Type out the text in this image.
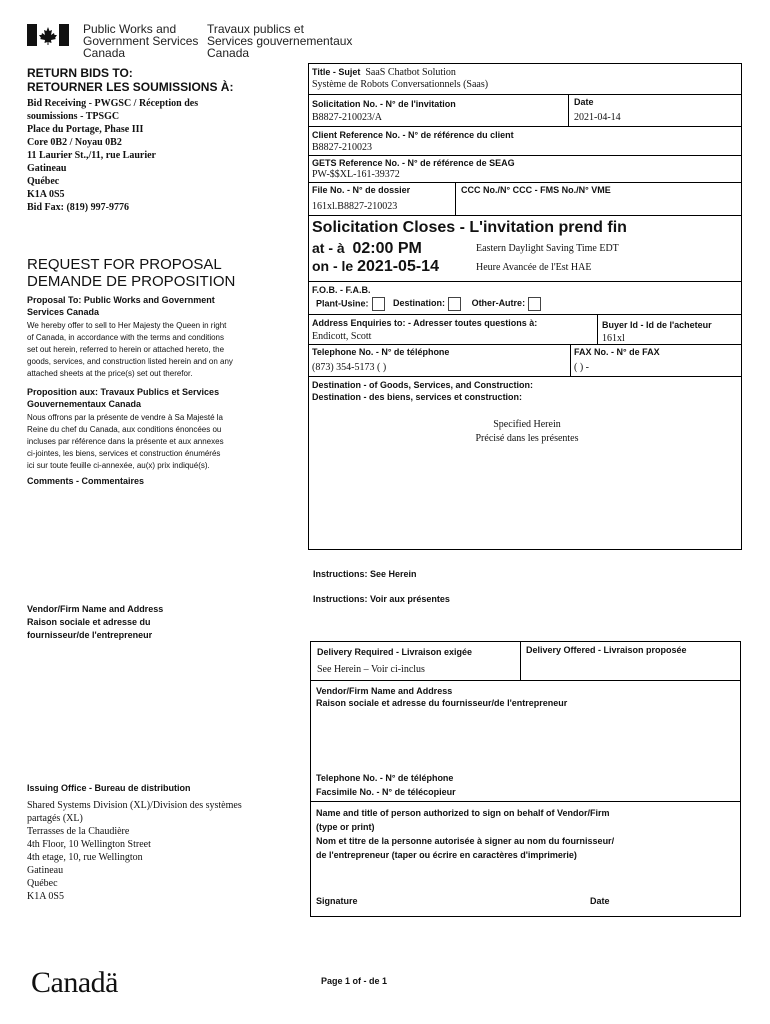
Public Works and
Government Services
Canada
Travaux publics et
Services gouvernementaux
Canada
RETURN BIDS TO:
RETOURNER LES SOUMISSIONS À:
Bid Receiving - PWGSC / Réception des
soumissions - TPSGC
Place du Portage, Phase III
Core 0B2 / Noyau 0B2
11 Laurier St.,/11, rue Laurier
Gatineau
Québec
K1A 0S5
Bid Fax: (819) 997-9776
REQUEST FOR PROPOSAL
DEMANDE DE PROPOSITION
Proposal To: Public Works and Government
Services Canada
We hereby offer to sell to Her Majesty the Queen in right
of Canada, in accordance with the terms and conditions
set out herein, referred to herein or attached hereto, the
goods, services, and construction listed herein and on any
attached sheets at the price(s) set out therefor.
Proposition aux: Travaux Publics et Services
Gouvernementaux Canada
Nous offrons par la présente de vendre à Sa Majesté la
Reine du chef du Canada, aux conditions énoncées ou
incluses par référence dans la présente et aux annexes
ci-jointes, les biens, services et construction énumérés
ici sur toute feuille ci-annexée, au(x) prix indiqué(s).
Comments - Commentaires
Vendor/Firm Name and Address
Raison sociale et adresse du
fournisseur/de l'entrepreneur
Issuing Office - Bureau de distribution
Shared Systems Division (XL)/Division des systèmes
partagés (XL)
Terrasses de la Chaudière
4th Floor, 10 Wellington Street
4th etage, 10, rue Wellington
Gatineau
Québec
K1A 0S5
Title - Sujet SaaS Chatbot Solution
Système de Robots Conversationnels (Saas)
Solicitation No. - N° de l'invitation
B8827-210023/A
Date
2021-04-14
Client Reference No. - N° de référence du client
B8827-210023
GETS Reference No. - N° de référence de SEAG
PW-$$XL-161-39372
File No. - N° de dossier
161xl.B8827-210023
CCC No./N° CCC - FMS No./N° VME
Solicitation Closes - L'invitation prend fin
at - à 02:00 PM
on - le 2021-05-14
Eastern Daylight Saving Time EDT
Heure Avancée de l'Est HAE
F.O.B. - F.A.B.
Plant-Usine:	Destination:	Other-Autre:
Address Enquiries to: - Adresser toutes questions à:
Endicott, Scott
Buyer Id - Id de l'acheteur
161xl
Telephone No. - N° de téléphone
(873) 354-5173 ( )
FAX No. - N° de FAX
( ) -
Destination - of Goods, Services, and Construction:
Destination - des biens, services et construction:
Specified Herein
Précisé dans les présentes
Instructions: See Herein
Instructions: Voir aux présentes
Delivery Required - Livraison exigée
See Herein – Voir ci-inclus
Delivery Offered - Livraison proposée
Vendor/Firm Name and Address
Raison sociale et adresse du fournisseur/de l'entrepreneur
Telephone No. - N° de téléphone
Facsimile No. - N° de télécopieur
Name and title of person authorized to sign on behalf of Vendor/Firm
(type or print)
Nom et titre de la personne autorisée à signer au nom du fournisseur/
de l'entrepreneur (taper ou écrire en caractères d'imprimerie)
Signature	Date
Canadä	Page 1 of - de 1
